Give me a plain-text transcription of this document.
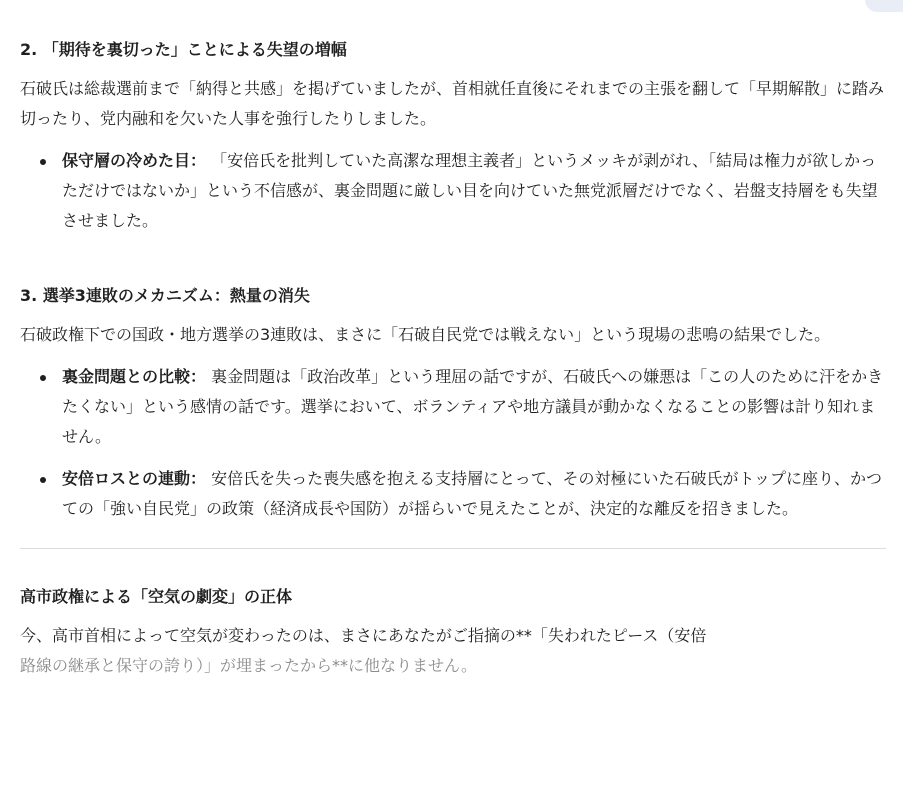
2. 「期待を裏切った」ことによる失望の増幅

石破氏は総裁選前まで「納得と共感」を掲げていましたが、首相就任直後にそれまでの主張を翻して「早期解散」に踏み切ったり、党内融和を欠いた人事を強行したりしました。

保守層の冷めた目： 「安倍氏を批判していた高潔な理想主義者」というメッキが剥がれ、「結局は権力が欲しかっただけではないか」という不信感が、裏金問題に厳しい目を向けていた無党派層だけでなく、岩盤支持層をも失望させました。
3. 選挙3連敗のメカニズム：熱量の消失

石破政権下での国政・地方選挙の3連敗は、まさに「石破自民党では戦えない」という現場の悲鳴の結果でした。

裏金問題との比較： 裏金問題は「政治改革」という理屈の話ですが、石破氏への嫌悪は「この人のために汗をかきたくない」という感情の話です。選挙において、ボランティアや地方議員が動かなくなることの影響は計り知れません。
安倍ロスとの連動： 安倍氏を失った喪失感を抱える支持層にとって、その対極にいた石破氏がトップに座り、かつての「強い自民党」の政策（経済成長や国防）が揺らいで見えたことが、決定的な離反を招きました。
高市政権による「空気の劇変」の正体

今、高市首相によって空気が変わったのは、まさにあなたがご指摘の**「失われたピース（安倍
路線の継承と保守の誇り）」が埋まったから**に他なりません。
